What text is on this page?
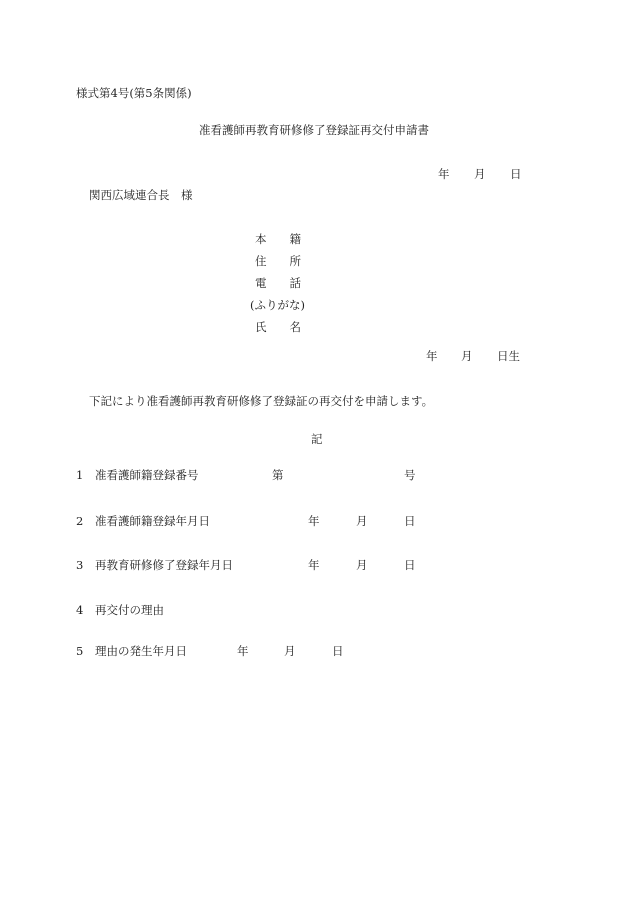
様式第4号(第5条関係)
准看護師再教育研修修了登録証再交付申請書
年 月 日
関西広域連合長　様
本　　籍
住　　所
電　　話
(ふりがな)
氏　　名
年 月 日生
下記により准看護師再教育研修修了登録証の再交付を申請します。
記
1 准看護師籍登録番号	第	号
2 准看護師籍登録年月日	年	月	日
3 再教育研修修了登録年月日	年	月	日
4 再交付の理由
5 理由の発生年月日	年	月	日
